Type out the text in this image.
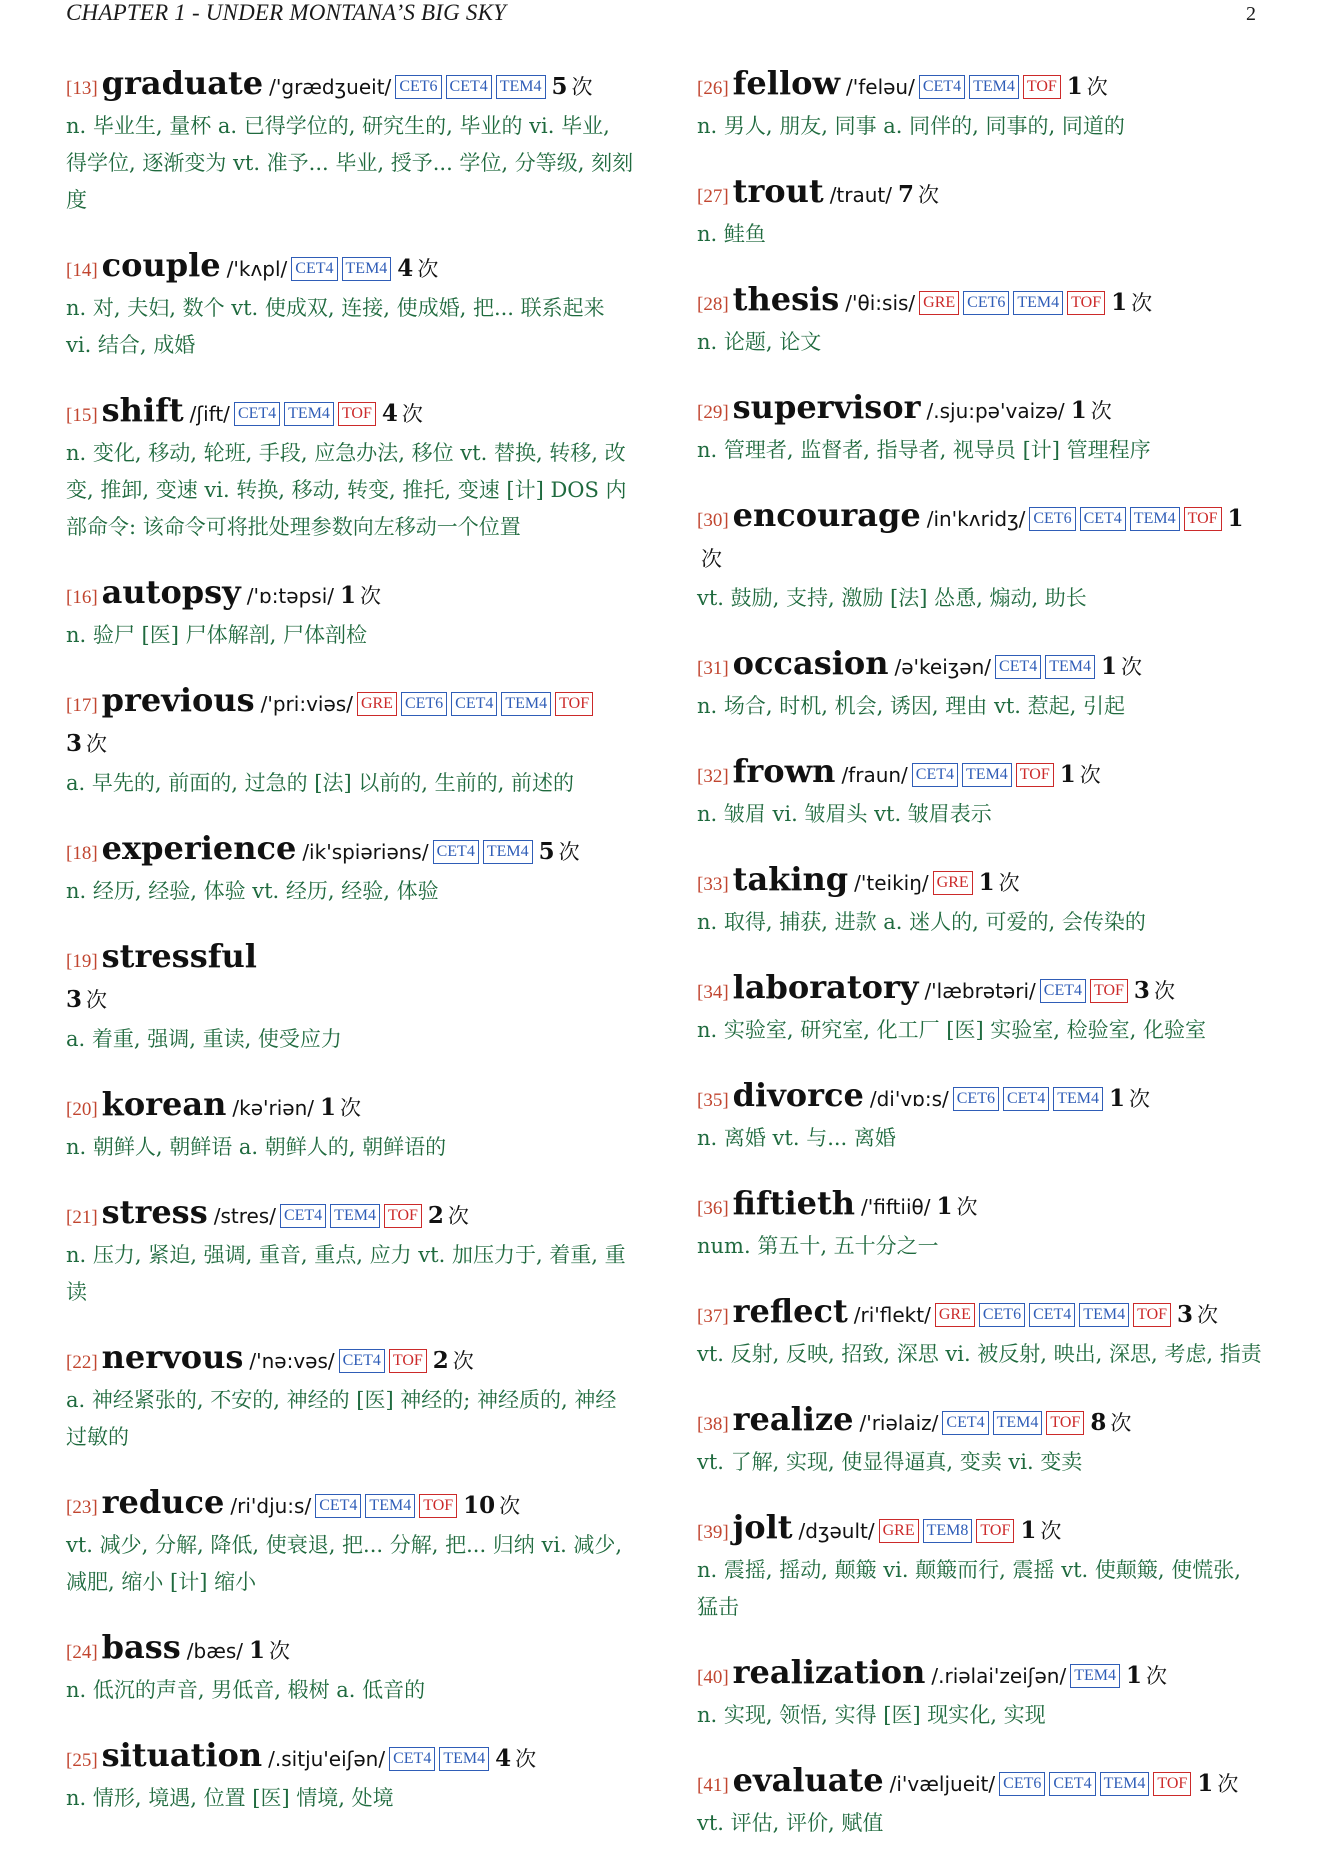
CHAPTER 1 - UNDER MONTANA’S BIG SKY	2
[13] graduate /'grædʒueit/ CET6 CET4 TEM4 5 次
n. 毕业生, 量杯 a. 已得学位的, 研究生的, 毕业的 vi. 毕业, 得学位, 逐渐变为 vt. 准予... 毕业, 授予... 学位, 分等级, 刻刻度
[14] couple /'kʌpl/ CET4 TEM4 4 次
n. 对, 夫妇, 数个 vt. 使成双, 连接, 使成婚, 把... 联系起来 vi. 结合, 成婚
[15] shift /ʃift/ CET4 TEM4 TOF 4 次
n. 变化, 移动, 轮班, 手段, 应急办法, 移位 vt. 替换, 转移, 改变, 推卸, 变速 vi. 转换, 移动, 转变, 推托, 变速 [计] DOS 内部命令: 该命令可将批处理参数向左移动一个位置
[16] autopsy /'ɒ:təpsi/ 1 次
n. 验尸 [医] 尸体解剖, 尸体剖检
[17] previous /'pri:viəs/ GRE CET6 CET4 TEM4 TOF
3 次
a. 早先的, 前面的, 过急的 [法] 以前的, 生前的, 前述的
[18] experience /ik'spiəriəns/ CET4 TEM4 5 次
n. 经历, 经验, 体验 vt. 经历, 经验, 体验
[19] stressful
3 次
a. 着重, 强调, 重读, 使受应力
[20] korean /kə'riən/ 1 次
n. 朝鲜人, 朝鲜语 a. 朝鲜人的, 朝鲜语的
[21] stress /stres/ CET4 TEM4 TOF 2 次
n. 压力, 紧迫, 强调, 重音, 重点, 应力 vt. 加压力于, 着重, 重读
[22] nervous /'nə:vəs/ CET4 TOF 2 次
a. 神经紧张的, 不安的, 神经的 [医] 神经的; 神经质的, 神经过敏的
[23] reduce /ri'dju:s/ CET4 TEM4 TOF 10 次
vt. 减少, 分解, 降低, 使衰退, 把... 分解, 把... 归纳 vi. 减少, 减肥, 缩小 [计] 缩小
[24] bass /bæs/ 1 次
n. 低沉的声音, 男低音, 椴树 a. 低音的
[25] situation /.sitju'eiʃən/ CET4 TEM4 4 次
n. 情形, 境遇, 位置 [医] 情境, 处境
[26] fellow /'feləu/ CET4 TEM4 TOF 1 次
n. 男人, 朋友, 同事 a. 同伴的, 同事的, 同道的
[27] trout /traut/ 7 次
n. 鲑鱼
[28] thesis /'θi:sis/ GRE CET6 TEM4 TOF 1 次
n. 论题, 论文
[29] supervisor /.sju:pə'vaizə/ 1 次
n. 管理者, 监督者, 指导者, 视导员 [计] 管理程序
[30] encourage /in'kʌridʒ/ CET6 CET4 TEM4 TOF 1次
vt. 鼓励, 支持, 激励 [法] 怂恿, 煽动, 助长
[31] occasion /ə'keiʒən/ CET4 TEM4 1 次
n. 场合, 时机, 机会, 诱因, 理由 vt. 惹起, 引起
[32] frown /fraun/ CET4 TEM4 TOF 1 次
n. 皱眉 vi. 皱眉头 vt. 皱眉表示
[33] taking /'teikiŋ/ GRE 1 次
n. 取得, 捕获, 进款 a. 迷人的, 可爱的, 会传染的
[34] laboratory /'læbrətəri/ CET4 TOF 3 次
n. 实验室, 研究室, 化工厂 [医] 实验室, 检验室, 化验室
[35] divorce /di'vɒ:s/ CET6 CET4 TEM4 1 次
n. 离婚 vt. 与... 离婚
[36] fiftieth /'fiftiiθ/ 1 次
num. 第五十, 五十分之一
[37] reflect /ri'flekt/ GRE CET6 CET4 TEM4 TOF 3 次
vt. 反射, 反映, 招致, 深思 vi. 被反射, 映出, 深思, 考虑, 指责
[38] realize /'riəlaiz/ CET4 TEM4 TOF 8 次
vt. 了解, 实现, 使显得逼真, 变卖 vi. 变卖
[39] jolt /dʒəult/ GRE TEM8 TOF 1 次
n. 震摇, 摇动, 颠簸 vi. 颠簸而行, 震摇 vt. 使颠簸, 使慌张, 猛击
[40] realization /.riəlai'zeiʃən/ TEM4 1 次
n. 实现, 领悟, 实得 [医] 现实化, 实现
[41] evaluate /i'væljueit/ CET6 CET4 TEM4 TOF 1 次
vt. 评估, 评价, 赋值
